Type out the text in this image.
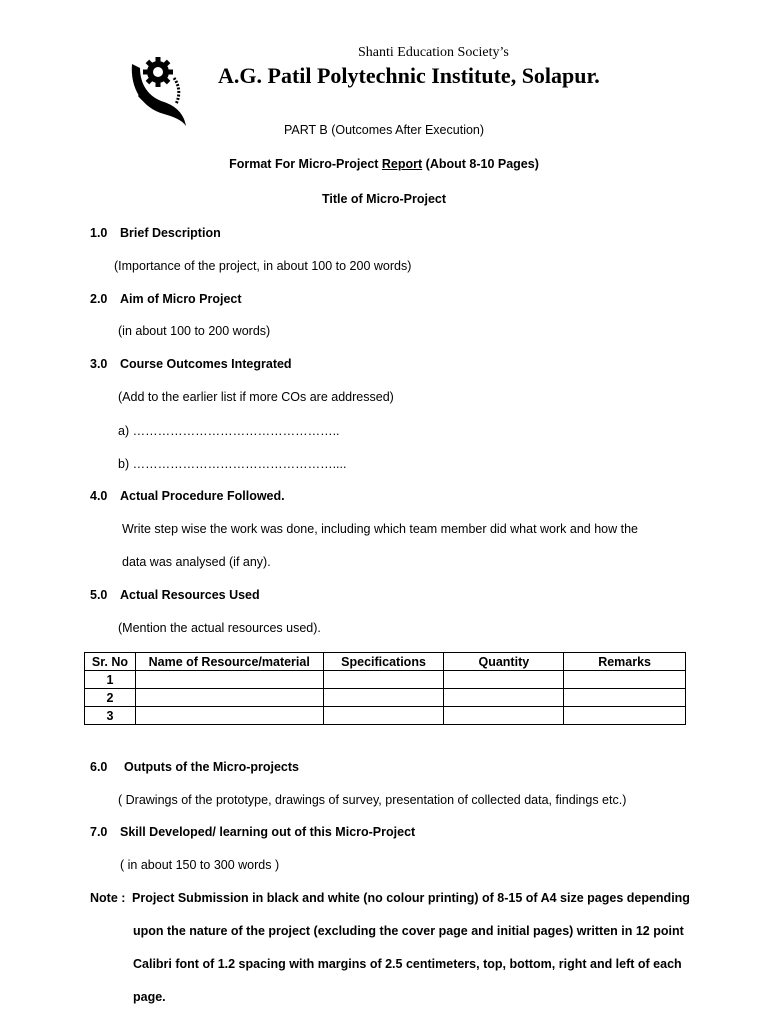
Shanti Education Society’s
A.G. Patil Polytechnic Institute, Solapur.
PART B (Outcomes After Execution)
Format For Micro-Project Report (About 8-10 Pages)
Title of Micro-Project
1.0 Brief Description
(Importance of the project, in about 100 to 200 words)
2.0 Aim of Micro Project
(in about 100 to 200 words)
3.0 Course Outcomes Integrated
(Add to the earlier list if more COs are addressed)
a) …………………………………………..
b) …………………………………………....
4.0 Actual Procedure Followed.
Write step wise the work was done, including which team member did what work and how the
data was analysed (if any).
5.0 Actual Resources Used
(Mention the actual resources used).
Sr. No	Name of Resource/material	Specifications	Quantity	Remarks
1				
2				
3				
6.0 Outputs of the Micro-projects
( Drawings of the prototype, drawings of survey, presentation of collected data, findings etc.)
7.0 Skill Developed/ learning out of this Micro-Project
( in about 150 to 300 words )
Note : Project Submission in black and white (no colour printing) of 8-15 of A4 size pages depending
upon the nature of the project (excluding the cover page and initial pages) written in 12 point
Calibri font of 1.2 spacing with margins of 2.5 centimeters, top, bottom, right and left of each
page.
